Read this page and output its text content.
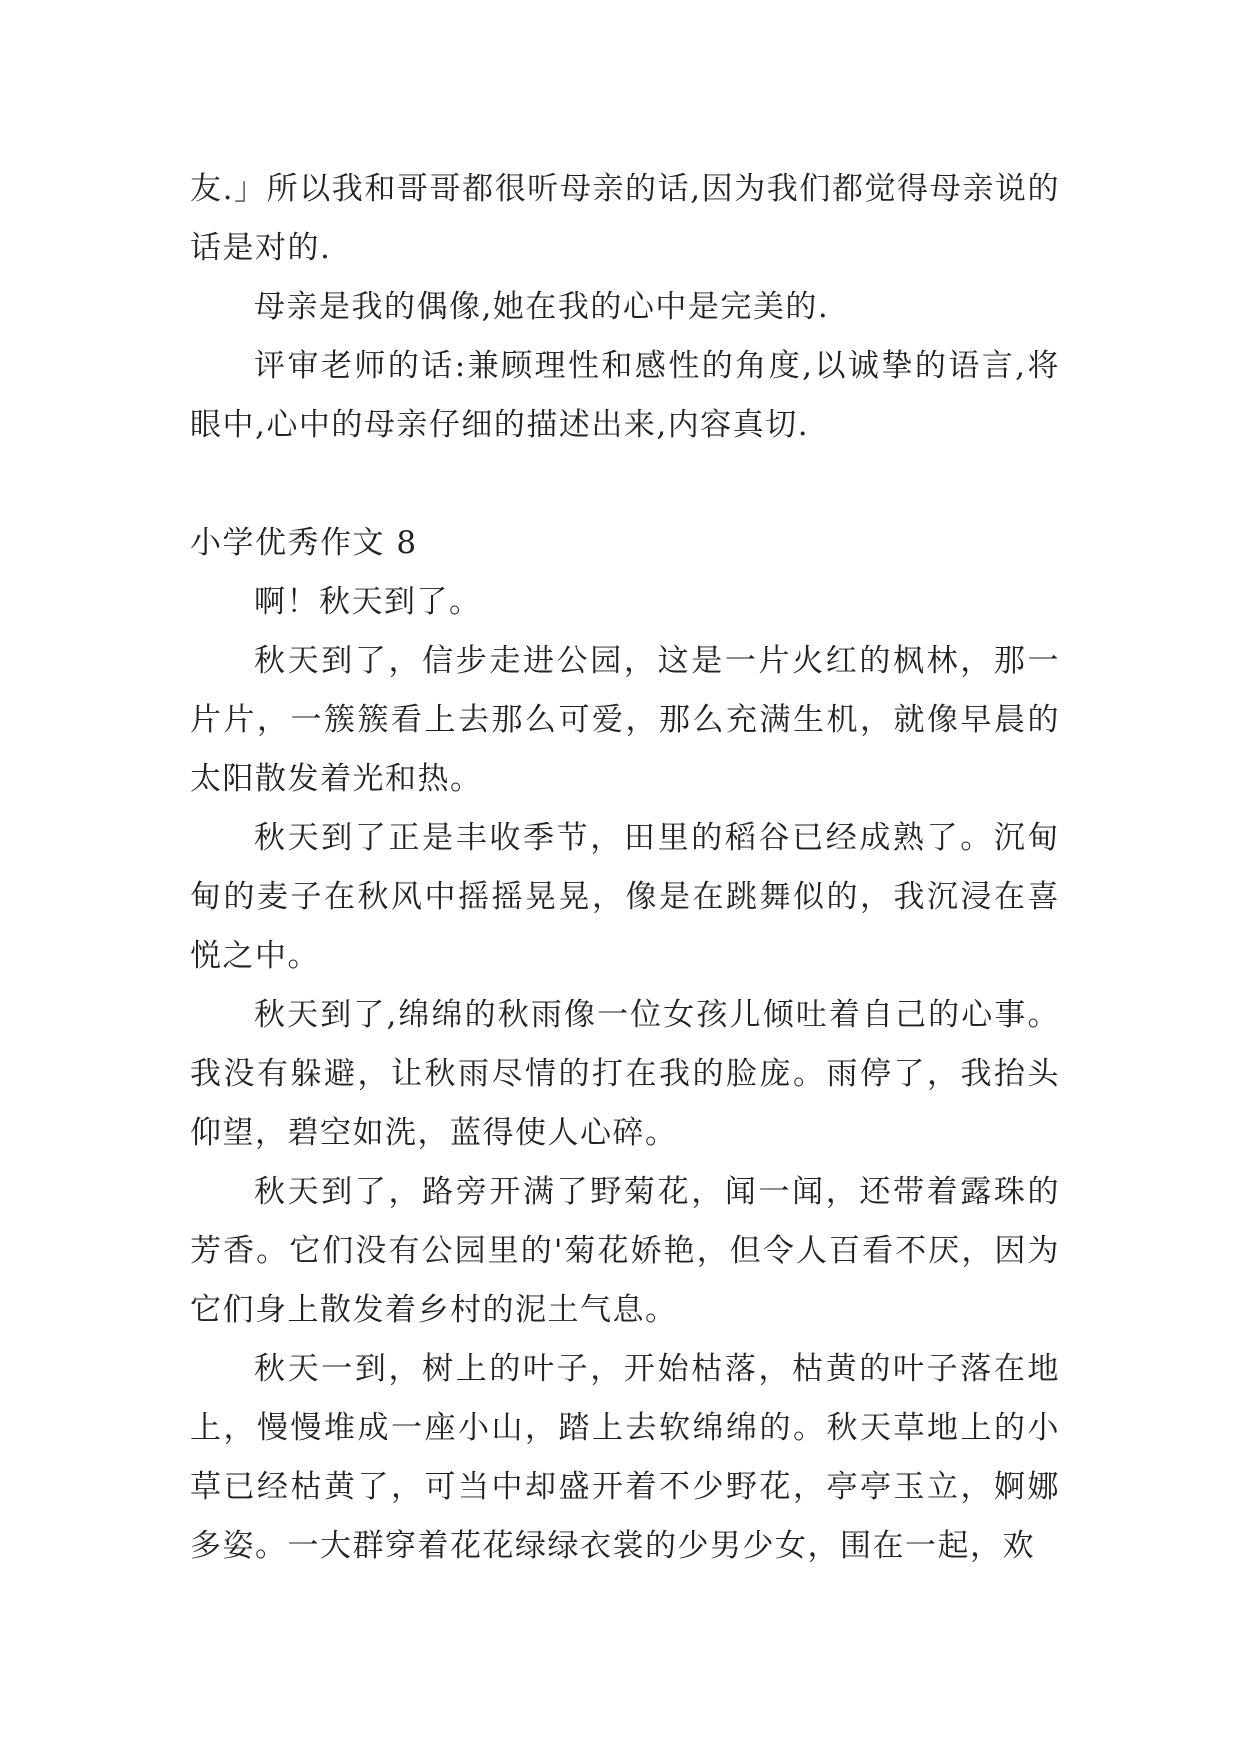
友.」所以我和哥哥都很听母亲的话,因为我们都觉得母亲说的话是对的.

母亲是我的偶像,她在我的心中是完美的.

评审老师的话:兼顾理性和感性的角度,以诚挚的语言,将眼中,心中的母亲仔细的描述出来,内容真切.

小学优秀作文 8

啊！秋天到了。

秋天到了，信步走进公园，这是一片火红的枫林，那一片片，一簇簇看上去那么可爱，那么充满生机，就像早晨的太阳散发着光和热。

秋天到了正是丰收季节，田里的稻谷已经成熟了。沉甸甸的麦子在秋风中摇摇晃晃，像是在跳舞似的，我沉浸在喜悦之中。

秋天到了,绵绵的秋雨像一位女孩儿倾吐着自己的心事。我没有躲避，让秋雨尽情的打在我的脸庞。雨停了，我抬头仰望，碧空如洗，蓝得使人心碎。

秋天到了，路旁开满了野菊花，闻一闻，还带着露珠的芳香。它们没有公园里的'菊花娇艳，但令人百看不厌，因为它们身上散发着乡村的泥土气息。

秋天一到，树上的叶子，开始枯落，枯黄的叶子落在地上，慢慢堆成一座小山，踏上去软绵绵的。秋天草地上的小草已经枯黄了，可当中却盛开着不少野花，亭亭玉立，婀娜多姿。一大群穿着花花绿绿衣裳的少男少女，围在一起，欢
